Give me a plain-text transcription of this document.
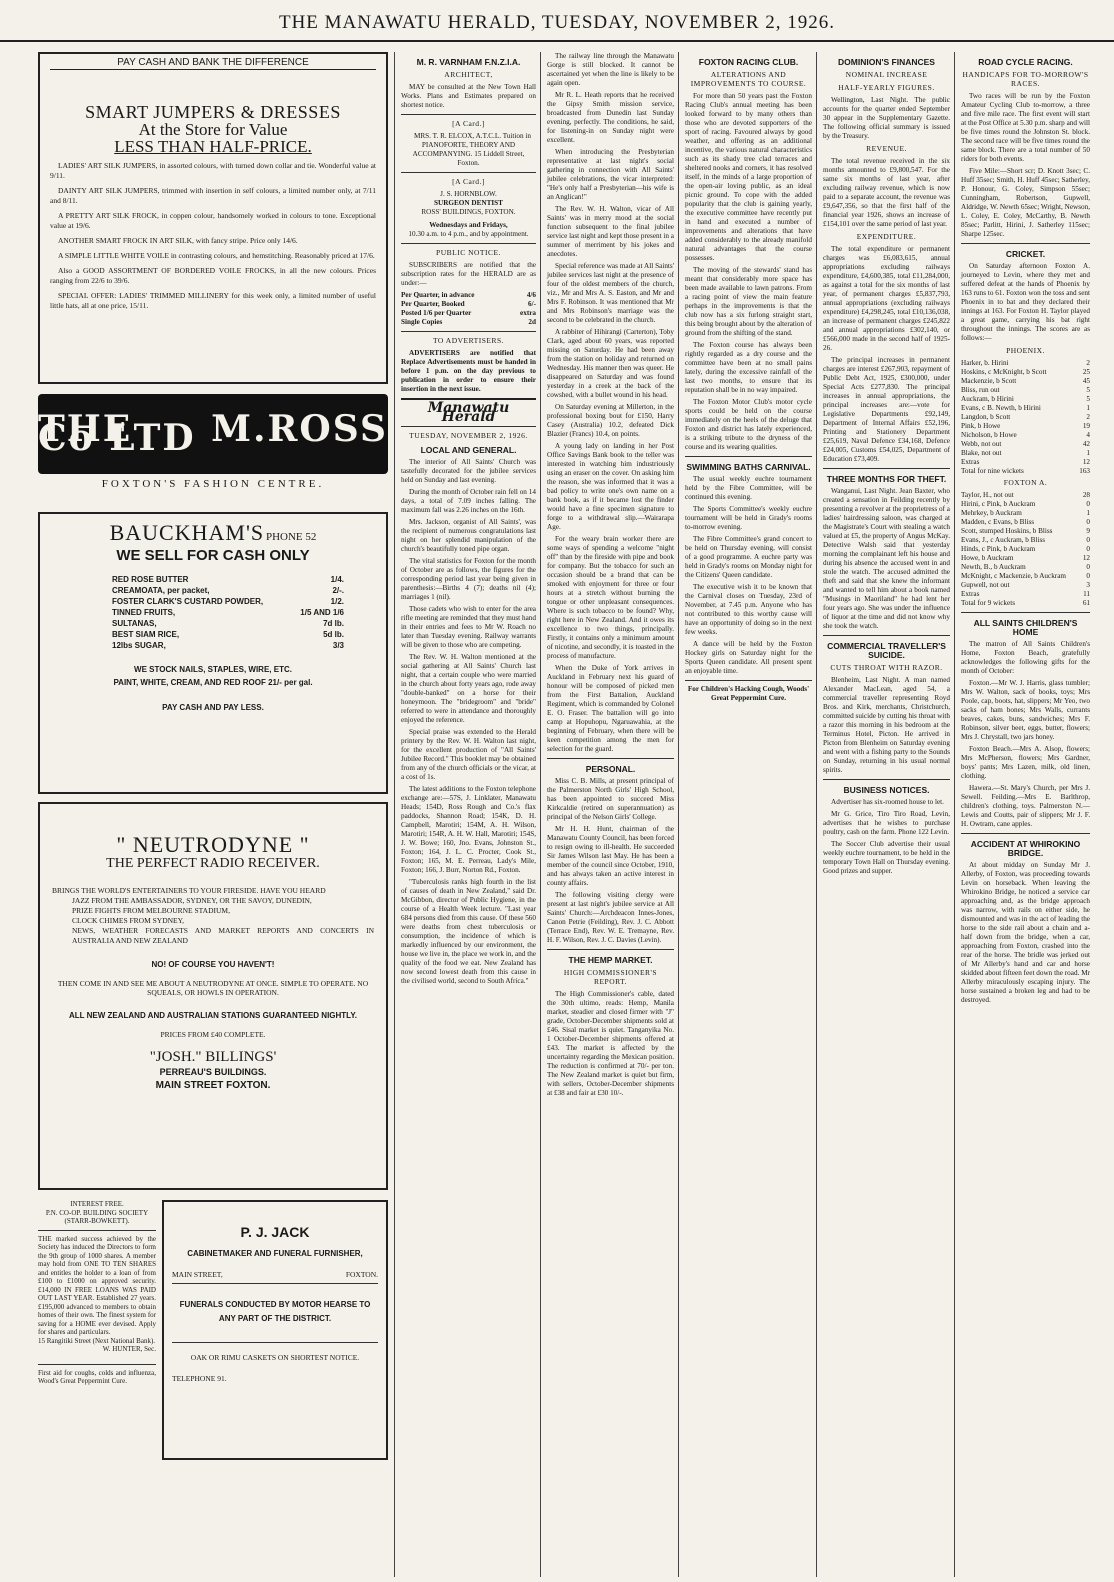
THE MANAWATU HERALD, TUESDAY, NOVEMBER 2, 1926.
PAY CASH AND BANK THE DIFFERENCE
SMART JUMPERS & DRESSES
At the Store for Value
LESS THAN HALF-PRICE.

LADIES' ART SILK JUMPERS, in assorted colours, with turned down collar and tie. Wonderful value at 9/11.

DAINTY ART SILK JUMPERS, trimmed with insertion in self colours, a limited number only, at 7/11 and 8/11.

A PRETTY ART SILK FROCK, in coppen colour, handsomely worked in colours to tone. Exceptional value at 19/6.

ANOTHER SMART FROCK IN ART SILK, with fancy stripe. Price only 14/6.

A SIMPLE LITTLE WHITE VOILE in contrasting colours, and hemstitching. Reasonably priced at 17/6.

Also a GOOD ASSORTMENT OF BORDERED VOILE FROCKS, in all the new colours. Prices ranging from 22/6 to 39/6.

SPECIAL OFFER: LADIES' TRIMMED MILLINERY for this week only, a limited number of useful little hats, all at one price, 15/11.

THE M.ROSS Co LTD
FOXTON'S FASHION CENTRE.
BAUCKHAM'S PHONE 52
WE SELL FOR CASH ONLY
RED ROSE BUTTER	1/4.
CREAMOATA, per packet,	2/-.
FOSTER CLARK'S CUSTARD POWDER,	1/2.
TINNED FRUITS,	1/5 AND 1/6
SULTANAS,	7d lb.
BEST SIAM RICE,	5d lb.
12lbs SUGAR,	3/3
WE STOCK NAILS, STAPLES, WIRE, ETC.
PAINT, WHITE, CREAM, AND RED ROOF 21/- per gal.
PAY CASH AND PAY LESS.
" NEUTRODYNE "
THE PERFECT RADIO RECEIVER.
BRINGS THE WORLD'S ENTERTAINERS TO YOUR FIRESIDE. HAVE YOU HEARD
JAZZ FROM THE AMBASSADOR, SYDNEY, OR THE SAVOY, DUNEDIN,
PRIZE FIGHTS FROM MELBOURNE STADIUM,
CLOCK CHIMES FROM SYDNEY,
NEWS, WEATHER FORECASTS AND MARKET REPORTS AND CONCERTS IN AUSTRALIA AND NEW ZEALAND
NO! OF COURSE YOU HAVEN'T!
THEN COME IN AND SEE ME ABOUT A NEUTRODYNE AT ONCE. SIMPLE TO OPERATE. NO SQUEALS, OR HOWLS IN OPERATION.
ALL NEW ZEALAND AND AUSTRALIAN STATIONS GUARANTEED NIGHTLY.
PRICES FROM £40 COMPLETE.
"JOSH." BILLINGS'
PERREAU'S BUILDINGS.
MAIN STREET FOXTON.
INTEREST FREE.
P.N. CO-OP. BUILDING SOCIETY (STARR-BOWKETT).
THE marked success achieved by the Society has induced the Directors to form the 9th group of 1000 shares. A member may hold from ONE TO TEN SHARES and entitles the holder to a loan of from £100 to £1000 on approved security. £14,000 IN FREE LOANS WAS PAID OUT LAST YEAR. Established 27 years. £195,000 advanced to members to obtain homes of their own. The finest system for saving for a HOME ever devised. Apply for shares and particulars.
15 Rangitiki Street (Next National Bank).
W. HUNTER, Sec.
First aid for coughs, colds and influenza, Wood's Great Peppermint Cure.
P. J. JACK
CABINETMAKER AND FUNERAL FURNISHER,
MAIN STREET,	FOXTON.
FUNERALS CONDUCTED BY MOTOR HEARSE TO ANY PART OF THE DISTRICT.
OAK OR RIMU CASKETS ON SHORTEST NOTICE.
TELEPHONE 91.
M. R. VARNHAM F.N.Z.I.A.
ARCHITECT,

MAY be consulted at the New Town Hall Works. Plans and Estimates prepared on shortest notice.

[A Card.]

MRS. T. R. ELCOX, A.T.C.L. Tuition in PIANOFORTE, THEORY AND ACCOMPANYING. 15 Liddell Street, Foxton.

[A Card.]
J. S. HORNBLOW.
SURGEON DENTIST
ROSS' BUILDINGS, FOXTON.
Wednesdays and Fridays,
10.30 a.m. to 4 p.m., and by appointment.
PUBLIC NOTICE.

SUBSCRIBERS are notified that the subscription rates for the HERALD are as under:—

Per Quarter, in advance	4/6
Per Quarter, Booked	6/-
Posted 1/6 per Quarter	extra
Single Copies	2d
TO ADVERTISERS.

ADVERTISERS are notified that Replace Advertisements must be handed in before 1 p.m. on the day previous to publication in order to ensure their insertion in the next issue.

Manawatu Herald
TUESDAY, NOVEMBER 2, 1926.
LOCAL AND GENERAL.

The interior of All Saints' Church was tastefully decorated for the jubilee services held on Sunday and last evening.

During the month of October rain fell on 14 days, a total of 7.09 inches falling. The maximum fall was 2.26 inches on the 16th.

Mrs. Jackson, organist of All Saints', was the recipient of numerous congratulations last night on her splendid manipulation of the church's beautifully toned pipe organ.

The vital statistics for Foxton for the month of October are as follows, the figures for the corresponding period last year being given in parenthesis:—Births 4 (7); deaths nil (4); marriages 1 (nil).

Those cadets who wish to enter for the area rifle meeting are reminded that they must hand in their entries and fees to Mr W. Roach no later than Tuesday evening. Railway warrants will be given to those who are competing.

The Rev. W. H. Walton mentioned at the social gathering at All Saints' Church last night, that a certain couple who were married in the church about forty years ago, rode away "double-banked" on a horse for their honeymoon. The "bridegroom" and "bride" referred to were in attendance and thoroughly enjoyed the reference.

Special praise was extended to the Herald printery by the Rev. W. H. Walton last night, for the excellent production of "All Saints' Jubilee Record." This booklet may be obtained from any of the church officials or the vicar, at a cost of 1s.

The latest additions to the Foxton telephone exchange are:—57S, J. Linklater, Manawatu Heads; 154D, Ross Rough and Co.'s flax paddocks, Shannon Road; 154K, D. H. Campbell, Marotiri; 154M, A. H. Wilson, Marotiri; 154R, A. H. W. Hall, Marotiri; 154S, J. W. Bowe; 160, Jno. Evans, Johnston St., Foxton; 164, J. L. C. Procter, Cook St., Foxton; 165, M. E. Perreau, Lady's Mile, Foxton; 166, J. Burr, Norton Rd., Foxton.

"Tuberculosis ranks high fourth in the list of causes of death in New Zealand," said Dr. McGibbon, director of Public Hygiene, in the course of a Health Week lecture. "Last year 684 persons died from this cause. Of these 560 were deaths from chest tuberculosis or consumption, the incidence of which is markedly influenced by our environment, the house we live in, the place we work in, and the quality of the food we eat. New Zealand has now second lowest death from this cause in the civilised world, second to South Africa."

The railway line through the Manawatu Gorge is still blocked. It cannot be ascertained yet when the line is likely to be again open.

Mr R. L. Heath reports that he received the Gipsy Smith mission service, broadcasted from Dunedin last Sunday evening, perfectly. The conditions, he said, for listening-in on Sunday night were excellent.

When introducing the Presbyterian representative at last night's social gathering in connection with All Saints' jubilee celebrations, the vicar interpreted: "He's only half a Presbyterian—his wife is an Anglican!"

The Rev. W. H. Walton, vicar of All Saints' was in merry mood at the social function subsequent to the final jubilee service last night and kept those present in a summer of merriment by his jokes and anecdotes.

Special reference was made at All Saints' jubilee services last night at the presence of four of the oldest members of the church, viz., Mr and Mrs A. S. Easton, and Mr and Mrs F. Robinson. It was mentioned that Mr and Mrs Robinson's marriage was the second to be celebrated in the church.

A rabbiter of Hihirangi (Carterton), Toby Clark, aged about 60 years, was reported missing on Saturday. He had been away from the station on holiday and returned on Wednesday. His manner then was queer. He disappeared on Saturday and was found yesterday in a creek at the back of the cowshed, with a bullet wound in his head.

On Saturday evening at Millerton, in the professional boxing bout for £150, Harry Casey (Australia) 10.2, defeated Dick Blazier (Francs) 10.4, on points.

A young lady on landing in her Post Office Savings Bank book to the teller was interested in watching him industriously using an eraser on the cover. On asking him the reason, she was informed that it was a bad policy to write one's own name on a bank book, as if it became lost the finder would have a fine specimen signature to forge to a withdrawal slip.—Wairarapa Age.

For the weary brain worker there are some ways of spending a welcome "night off" than by the fireside with pipe and book for company. But the tobacco for such an occasion should be a brand that can be smoked with enjoyment for three or four hours at a stretch without burning the tongue or other unpleasant consequences. Where is such tobacco to be found? Why, right here in New Zealand. And it owes its excellence to two things, principally. Firstly, it contains only a minimum amount of nicotine, and secondly, it is toasted in the process of manufacture.

When the Duke of York arrives in Auckland in February next his guard of honour will be composed of picked men from the First Battalion, Auckland Regiment, which is commanded by Colonel E. O. Fraser. The battalion will go into camp at Hopuhopu, Ngaruawahia, at the beginning of February, when there will be keen competition among the men for selection for the guard.

PERSONAL.

Miss C. B. Mills, at present principal of the Palmerston North Girls' High School, has been appointed to succeed Miss Kirkcaldie (retired on superannuation) as principal of the Nelson Girls' College.

Mr H. H. Hunt, chairman of the Manawatu County Council, has been forced to resign owing to ill-health. He succeeded Sir James Wilson last May. He has been a member of the council since October, 1910, and has always taken an active interest in county affairs.

The following visiting clergy were present at last night's jubilee service at All Saints' Church:—Archdeacon Innes-Jones, Canon Petrie (Feilding), Rev. J. C. Abbott (Terrace End), Rev. W. E. Tremayne, Rev. H. F. Wilson, Rev. J. C. Davies (Levin).

THE HEMP MARKET.
HIGH COMMISSIONER'S REPORT.

The High Commissioner's cable, dated the 30th ultimo, reads: Hemp, Manila market, steadier and closed firmer with "J" grade, October-December shipments sold at £46. Sisal market is quiet. Tanganyika No. 1 October-December shipments offered at £43. The market is affected by the uncertainty regarding the Mexican position. The reduction is confirmed at 70/- per ton. The New Zealand market is quiet but firm, with sellers, October-December shipments at £38 and fair at £30 10/-.

FOXTON RACING CLUB.
ALTERATIONS AND IMPROVEMENTS TO COURSE.

For more than 50 years past the Foxton Racing Club's annual meeting has been looked forward to by many others than those who are devoted supporters of the sport of racing. Favoured always by good weather, and offering as an additional incentive, the various natural characteristics such as its shady tree clad terraces and sheltered nooks and corners, it has resolved itself, in the minds of a large proportion of the open-air loving public, as an ideal picnic ground. To cope with the added popularity that the club is gaining yearly, the executive committee have recently put in hand and executed a number of improvements and alterations that have added considerably to the already manifold natural advantages that the course possesses.

The moving of the stewards' stand has meant that considerably more space has been made available to lawn patrons. From a racing point of view the main feature perhaps in the improvements is that the club now has a six furlong straight start, this being brought about by the alteration of ground from the shifting of the stand.

The Foxton course has always been rightly regarded as a dry course and the committee have been at no small pains lately, during the excessive rainfall of the last two months, to ensure that its reputation shall be in no way impaired.

The Foxton Motor Club's motor cycle sports could be held on the course immediately on the heels of the deluge that Foxton and district has lately experienced, is a striking tribute to the dryness of the course and its wearing qualities.

SWIMMING BATHS CARNIVAL.

The usual weekly euchre tournament held by the Fibre Committee, will be continued this evening.

The Sports Committee's weekly euchre tournament will be held in Grady's rooms to-morrow evening.

The Fibre Committee's grand concert to be held on Thursday evening, will consist of a good programme. A euchre party was held in Grady's rooms on Monday night for the Citizens' Queen candidate.

The executive wish it to be known that the Carnival closes on Tuesday, 23rd of November, at 7.45 p.m. Anyone who has not contributed to this worthy cause will have an opportunity of doing so in the next few weeks.

A dance will be held by the Foxton Hockey girls on Saturday night for the Sports Queen candidate. All present spent an enjoyable time.

For Children's Hacking Cough, Woods' Great Peppermint Cure.
DOMINION'S FINANCES
NOMINAL INCREASE
HALF-YEARLY FIGURES.

Wellington, Last Night. The public accounts for the quarter ended September 30 appear in the Supplementary Gazette. The following official summary is issued by the Treasury.

REVENUE.

The total revenue received in the six months amounted to £9,800,547. For the same six months of last year, after excluding railway revenue, which is now paid to a separate account, the revenue was £9,647,356, so that the first half of the financial year 1926, shows an increase of £154,101 over the same period of last year.

EXPENDITURE.

The total expenditure or permanent charges was £6,083,615, annual appropriations excluding railways expenditure, £4,600,385, total £11,284,000, as against a total for the six months of last year, of permanent charges £5,837,793, annual appropriations (excluding railways expenditure) £4,298,245, total £10,136,038, an increase of permanent charges £245,822 and annual appropriations £302,140, or £566,000 made in the second half of 1925-26.

The principal increases in permanent charges are interest £267,903, repayment of Public Debt Act, 1925, £300,000, under Special Acts £277,830. The principal increases in annual appropriations, the principal increases are:—vote for Legislative Departments £92,149, Department of Internal Affairs £52,196, Printing and Stationery Department £25,619, Naval Defence £34,168, Defence £24,005, Customs £54,025, Department of Education £73,409.

THREE MONTHS FOR THEFT.

Wanganui, Last Night. Jean Baxter, who created a sensation in Feilding recently by presenting a revolver at the proprietress of a ladies' hairdressing saloon, was charged at the Magistrate's Court with stealing a watch valued at £5, the property of Angus McKay. Detective Walsh said that yesterday morning the complainant left his house and during his absence the accused went in and stole the watch. The accused admitted the theft and said that she knew the informant and wanted to tell him about a book named "Musings in Maoriland" he had lent her four years ago. She was under the influence of liquor at the time and did not know why she took the watch.

COMMERCIAL TRAVELLER'S SUICIDE.
CUTS THROAT WITH RAZOR.

Blenheim, Last Night. A man named Alexander MacLean, aged 54, a commercial traveller representing Royd Bros. and Kirk, merchants, Christchurch, committed suicide by cutting his throat with a razor this morning in his bedroom at the Terminus Hotel, Picton. He arrived in Picton from Blenheim on Saturday evening and went with a fishing party to the Sounds on Sunday, returning in his usual normal spirits.

BUSINESS NOTICES.

Advertiser has six-roomed house to let.

Mr G. Grice, Tiro Tiro Road, Levin, advertises that he wishes to purchase poultry, cash on the farm. Phone 122 Levin.

The Soccer Club advertise their usual weekly euchre tournament, to be held in the temporary Town Hall on Thursday evening. Good prizes and supper.

ROAD CYCLE RACING.
HANDICAPS FOR TO-MORROW'S RACES.

Two races will be run by the Foxton Amateur Cycling Club to-morrow, a three and five mile race. The first event will start at the Post Office at 5.30 p.m. sharp and will be five times round the Johnston St. block. The second race will be five times round the same block. There are a total number of 50 riders for both events.

Five Mile:—Short scr; D. Knott 3sec; C. Huff 35sec; Smith, H. Huff 45sec; Satherley, P. Honour, G. Coley, Simpson 55sec; Cunningham, Robertson, Gupwell, Aldridge, W. Newth 65sec; Wright, Newson, L. Coley, E. Coley, McCarthy, B. Newth 85sec; Parlitt, Hirini, J. Satherley 115sec; Sharpe 125sec.

CRICKET.

On Saturday afternoon Foxton A. journeyed to Levin, where they met and suffered defeat at the hands of Phoenix by 163 runs to 61. Foxton won the toss and sent Phoenix in to bat and they declared their innings at 163. For Foxton H. Taylor played a great game, carrying his bat right throughout the innings. The scores are as follows:—

PHOENIX.
Harker, b. Hirini	2
Hoskins, c McKnight, b Scott	25
Mackenzie, b Scott	45
Bliss, run out	5
Auckram, b Hirini	5
Evans, c B. Newth, b Hirini	1
Langdon, b Scott	2
Pink, b Howe	19
Nicholson, b Howe	4
Webb, not out	42
Blake, not out	1
Extras	12
Total for nine wickets	163
FOXTON A.
Taylor, H., not out	28
Hirini, c Pink, b Auckram	0
Mehrkey, b Auckram	1
Madden, c Evans, b Bliss	0
Scott, stumped Hoskins, b Bliss	9
Evans, J., c Auckram, b Bliss	0
Hinds, c Pink, b Auckram	0
Howe, b Auckram	12
Newth, B., b Auckram	0
McKnight, c Mackenzie, b Auckram	0
Gupwell, not out	3
Extras	11
Total for 9 wickets	61
ALL SAINTS CHILDREN'S HOME

The matron of All Saints Children's Home, Foxton Beach, gratefully acknowledges the following gifts for the month of October:

Foxton.—Mr W. J. Harris, glass tumbler; Mrs W. Walton, sack of books, toys; Mrs Poole, cap, boots, hat, slippers; Mr Yeo, two sacks of ham bones; Mrs Walls, currants beaves, cakes, buns, sandwiches; Mrs F. Robinson, silver beet, eggs, butter, flowers; Mrs J. Chrystall, two jars honey.

Foxton Beach.—Mrs A. Alsop, flowers; Mrs McPherson, flowers; Mrs Gardner, boys' pants; Mrs Lazen, milk, old linen, clothing.

Hawera.—St. Mary's Church, per Mrs J. Sewell. Feilding.—Mrs E. Barlthrop, children's clothing, toys. Palmerston N.—Lewis and Coutts, pair of slippers; Mr J. F. H. Owtram, cane apples.

ACCIDENT AT WHIROKINO BRIDGE.

At about midday on Sunday Mr J. Allerby, of Foxton, was proceeding towards Levin on horseback. When leaving the Whirokino Bridge, he noticed a service car approaching and, as the bridge approach was narrow, with rails on either side, he dismounted and was in the act of leading the horse to the side rail about a chain and a-half down from the bridge, when a car, approaching from Foxton, crashed into the rear of the horse. The bridle was jerked out of Mr Allerby's hand and car and horse skidded about fifteen feet down the road. Mr Allerby miraculously escaping injury. The horse sustained a broken leg and had to be destroyed.
